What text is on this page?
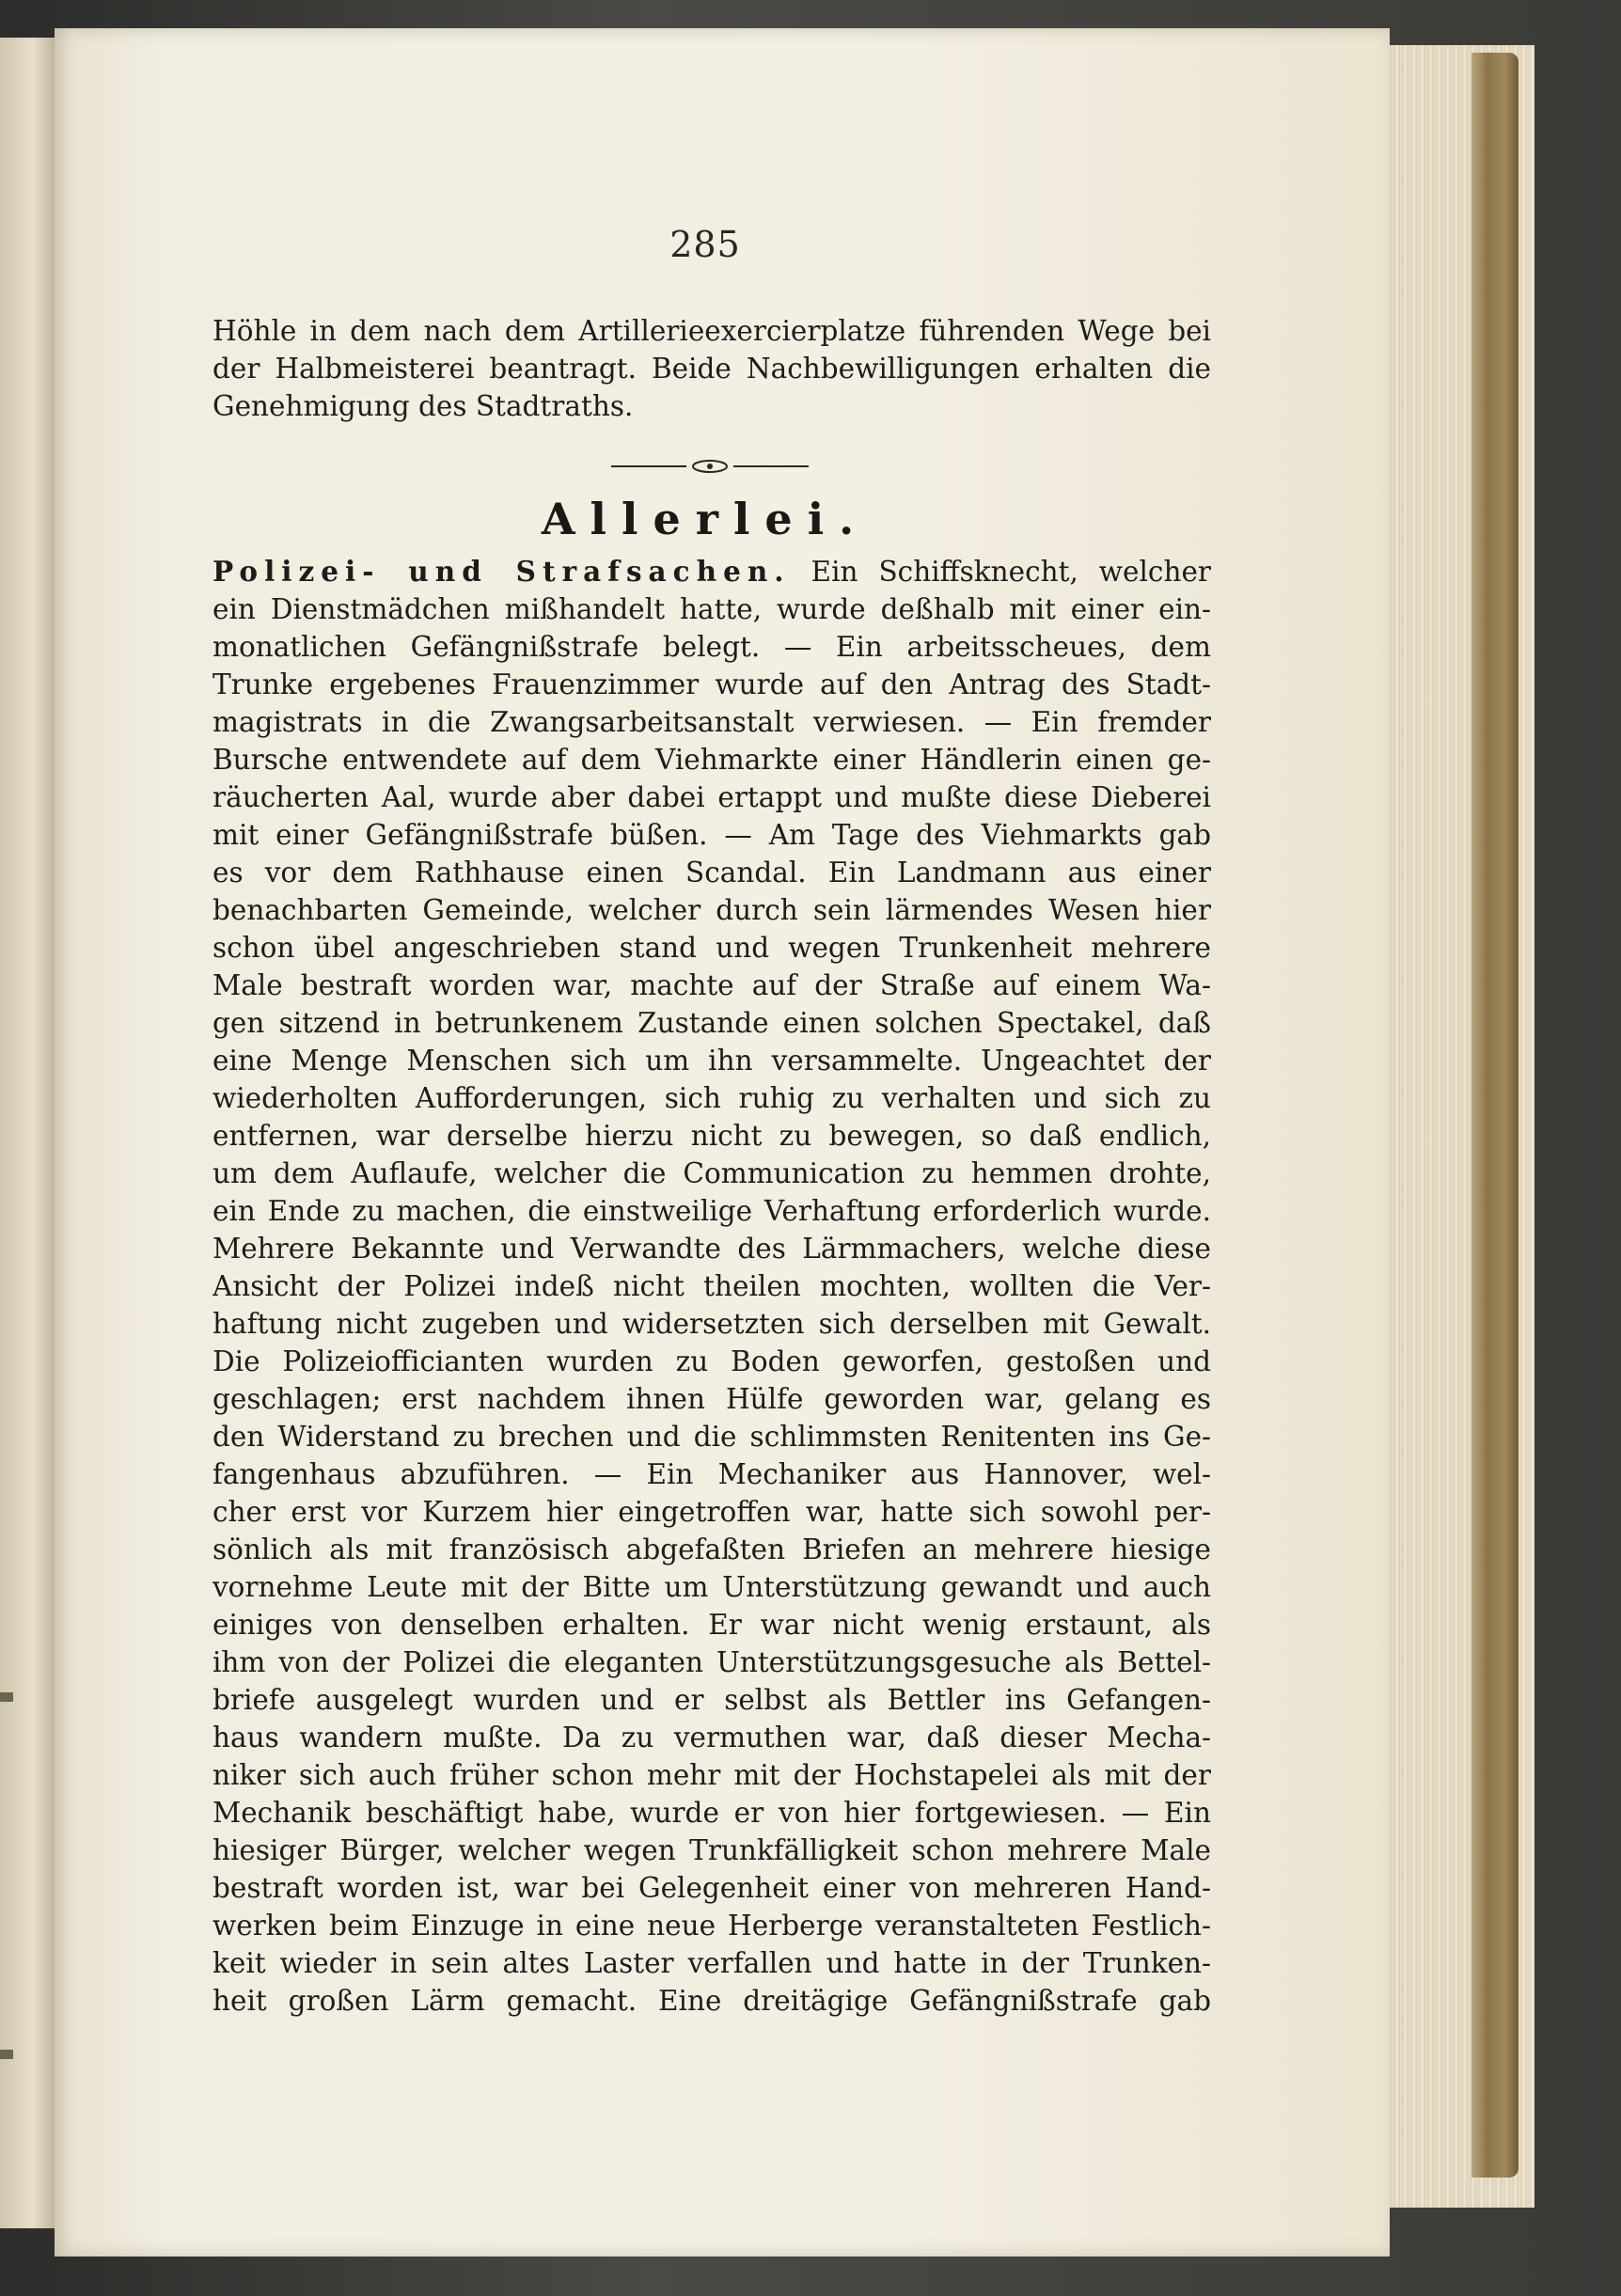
285
Höhle in dem nach dem Artillerieexercierplatze führenden Wege bei
der Halbmeisterei beantragt. Beide Nachbewilligungen erhalten die
Genehmigung des Stadtraths.
Allerlei.
Polizei- und Strafsachen. Ein Schiffsknecht, welcher
ein Dienstmädchen mißhandelt hatte, wurde deßhalb mit einer ein-
monatlichen Gefängnißstrafe belegt. — Ein arbeitsscheues, dem
Trunke ergebenes Frauenzimmer wurde auf den Antrag des Stadt-
magistrats in die Zwangsarbeitsanstalt verwiesen. — Ein fremder
Bursche entwendete auf dem Viehmarkte einer Händlerin einen ge-
räucherten Aal, wurde aber dabei ertappt und mußte diese Dieberei
mit einer Gefängnißstrafe büßen. — Am Tage des Viehmarkts gab
es vor dem Rathhause einen Scandal. Ein Landmann aus einer
benachbarten Gemeinde, welcher durch sein lärmendes Wesen hier
schon übel angeschrieben stand und wegen Trunkenheit mehrere
Male bestraft worden war, machte auf der Straße auf einem Wa-
gen sitzend in betrunkenem Zustande einen solchen Spectakel, daß
eine Menge Menschen sich um ihn versammelte. Ungeachtet der
wiederholten Aufforderungen, sich ruhig zu verhalten und sich zu
entfernen, war derselbe hierzu nicht zu bewegen, so daß endlich,
um dem Auflaufe, welcher die Communication zu hemmen drohte,
ein Ende zu machen, die einstweilige Verhaftung erforderlich wurde.
Mehrere Bekannte und Verwandte des Lärmmachers, welche diese
Ansicht der Polizei indeß nicht theilen mochten, wollten die Ver-
haftung nicht zugeben und widersetzten sich derselben mit Gewalt.
Die Polizeiofficianten wurden zu Boden geworfen, gestoßen und
geschlagen; erst nachdem ihnen Hülfe geworden war, gelang es
den Widerstand zu brechen und die schlimmsten Renitenten ins Ge-
fangenhaus abzuführen. — Ein Mechaniker aus Hannover, wel-
cher erst vor Kurzem hier eingetroffen war, hatte sich sowohl per-
sönlich als mit französisch abgefaßten Briefen an mehrere hiesige
vornehme Leute mit der Bitte um Unterstützung gewandt und auch
einiges von denselben erhalten. Er war nicht wenig erstaunt, als
ihm von der Polizei die eleganten Unterstützungsgesuche als Bettel-
briefe ausgelegt wurden und er selbst als Bettler ins Gefangen-
haus wandern mußte. Da zu vermuthen war, daß dieser Mecha-
niker sich auch früher schon mehr mit der Hochstapelei als mit der
Mechanik beschäftigt habe, wurde er von hier fortgewiesen. — Ein
hiesiger Bürger, welcher wegen Trunkfälligkeit schon mehrere Male
bestraft worden ist, war bei Gelegenheit einer von mehreren Hand-
werken beim Einzuge in eine neue Herberge veranstalteten Festlich-
keit wieder in sein altes Laster verfallen und hatte in der Trunken-
heit großen Lärm gemacht. Eine dreitägige Gefängnißstrafe gab
